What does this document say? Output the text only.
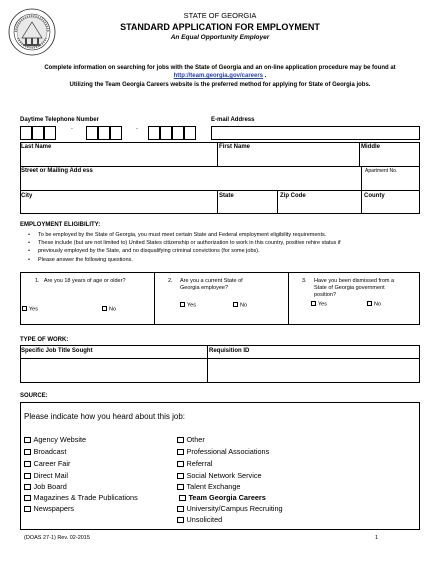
STATE OF GEORGIA
STANDARD APPLICATION FOR EMPLOYMENT
An Equal Opportunity Employer
Complete information on searching for jobs with the State of Georgia and an on-line application procedure may be found at
http://team.georgia.gov/careers .
Utilizing the Team Georgia Careers website is the preferred method for applying for State of Georgia jobs.
Daytime Telephone Number	E-mail Address
-	-
Last Name	First Name	Middle
Street or Mailing Add ess	Apartment No.
City	State	Zip Code	County
EMPLOYMENT ELIGIBILITY:
• To be employed by the State of Georgia, you must meet certain State and Federal employment eligibility requirements.
• These include (but are not limited to) United States citizenship or authorization to work in this country, positive rehire status if
• previously employed by the State, and no disqualifying criminal convictions (for some jobs).
• Please answer the following questions.
1. Are you 18 years of age or older?
Yes	No
2. Are you a current State of
Georgia employee?
Yes	No
3. Have you been dismissed from a
State of Georgia government
position?
Yes	No
TYPE OF WORK:
Specific Job Title Sought	Requisition ID
SOURCE:
Please indicate how you heard about this job:
Agency Website
Broadcast
Career Fair
Direct Mail
Job Board
Magazines & Trade Publications
Newspapers
Other
Professional Associations
Referral
Social Network Service
Talent Exchange
Team Georgia Careers
University/Campus Recruiting
Unsolicited
(DOAS 27-1) Rev. 02-2015	1
